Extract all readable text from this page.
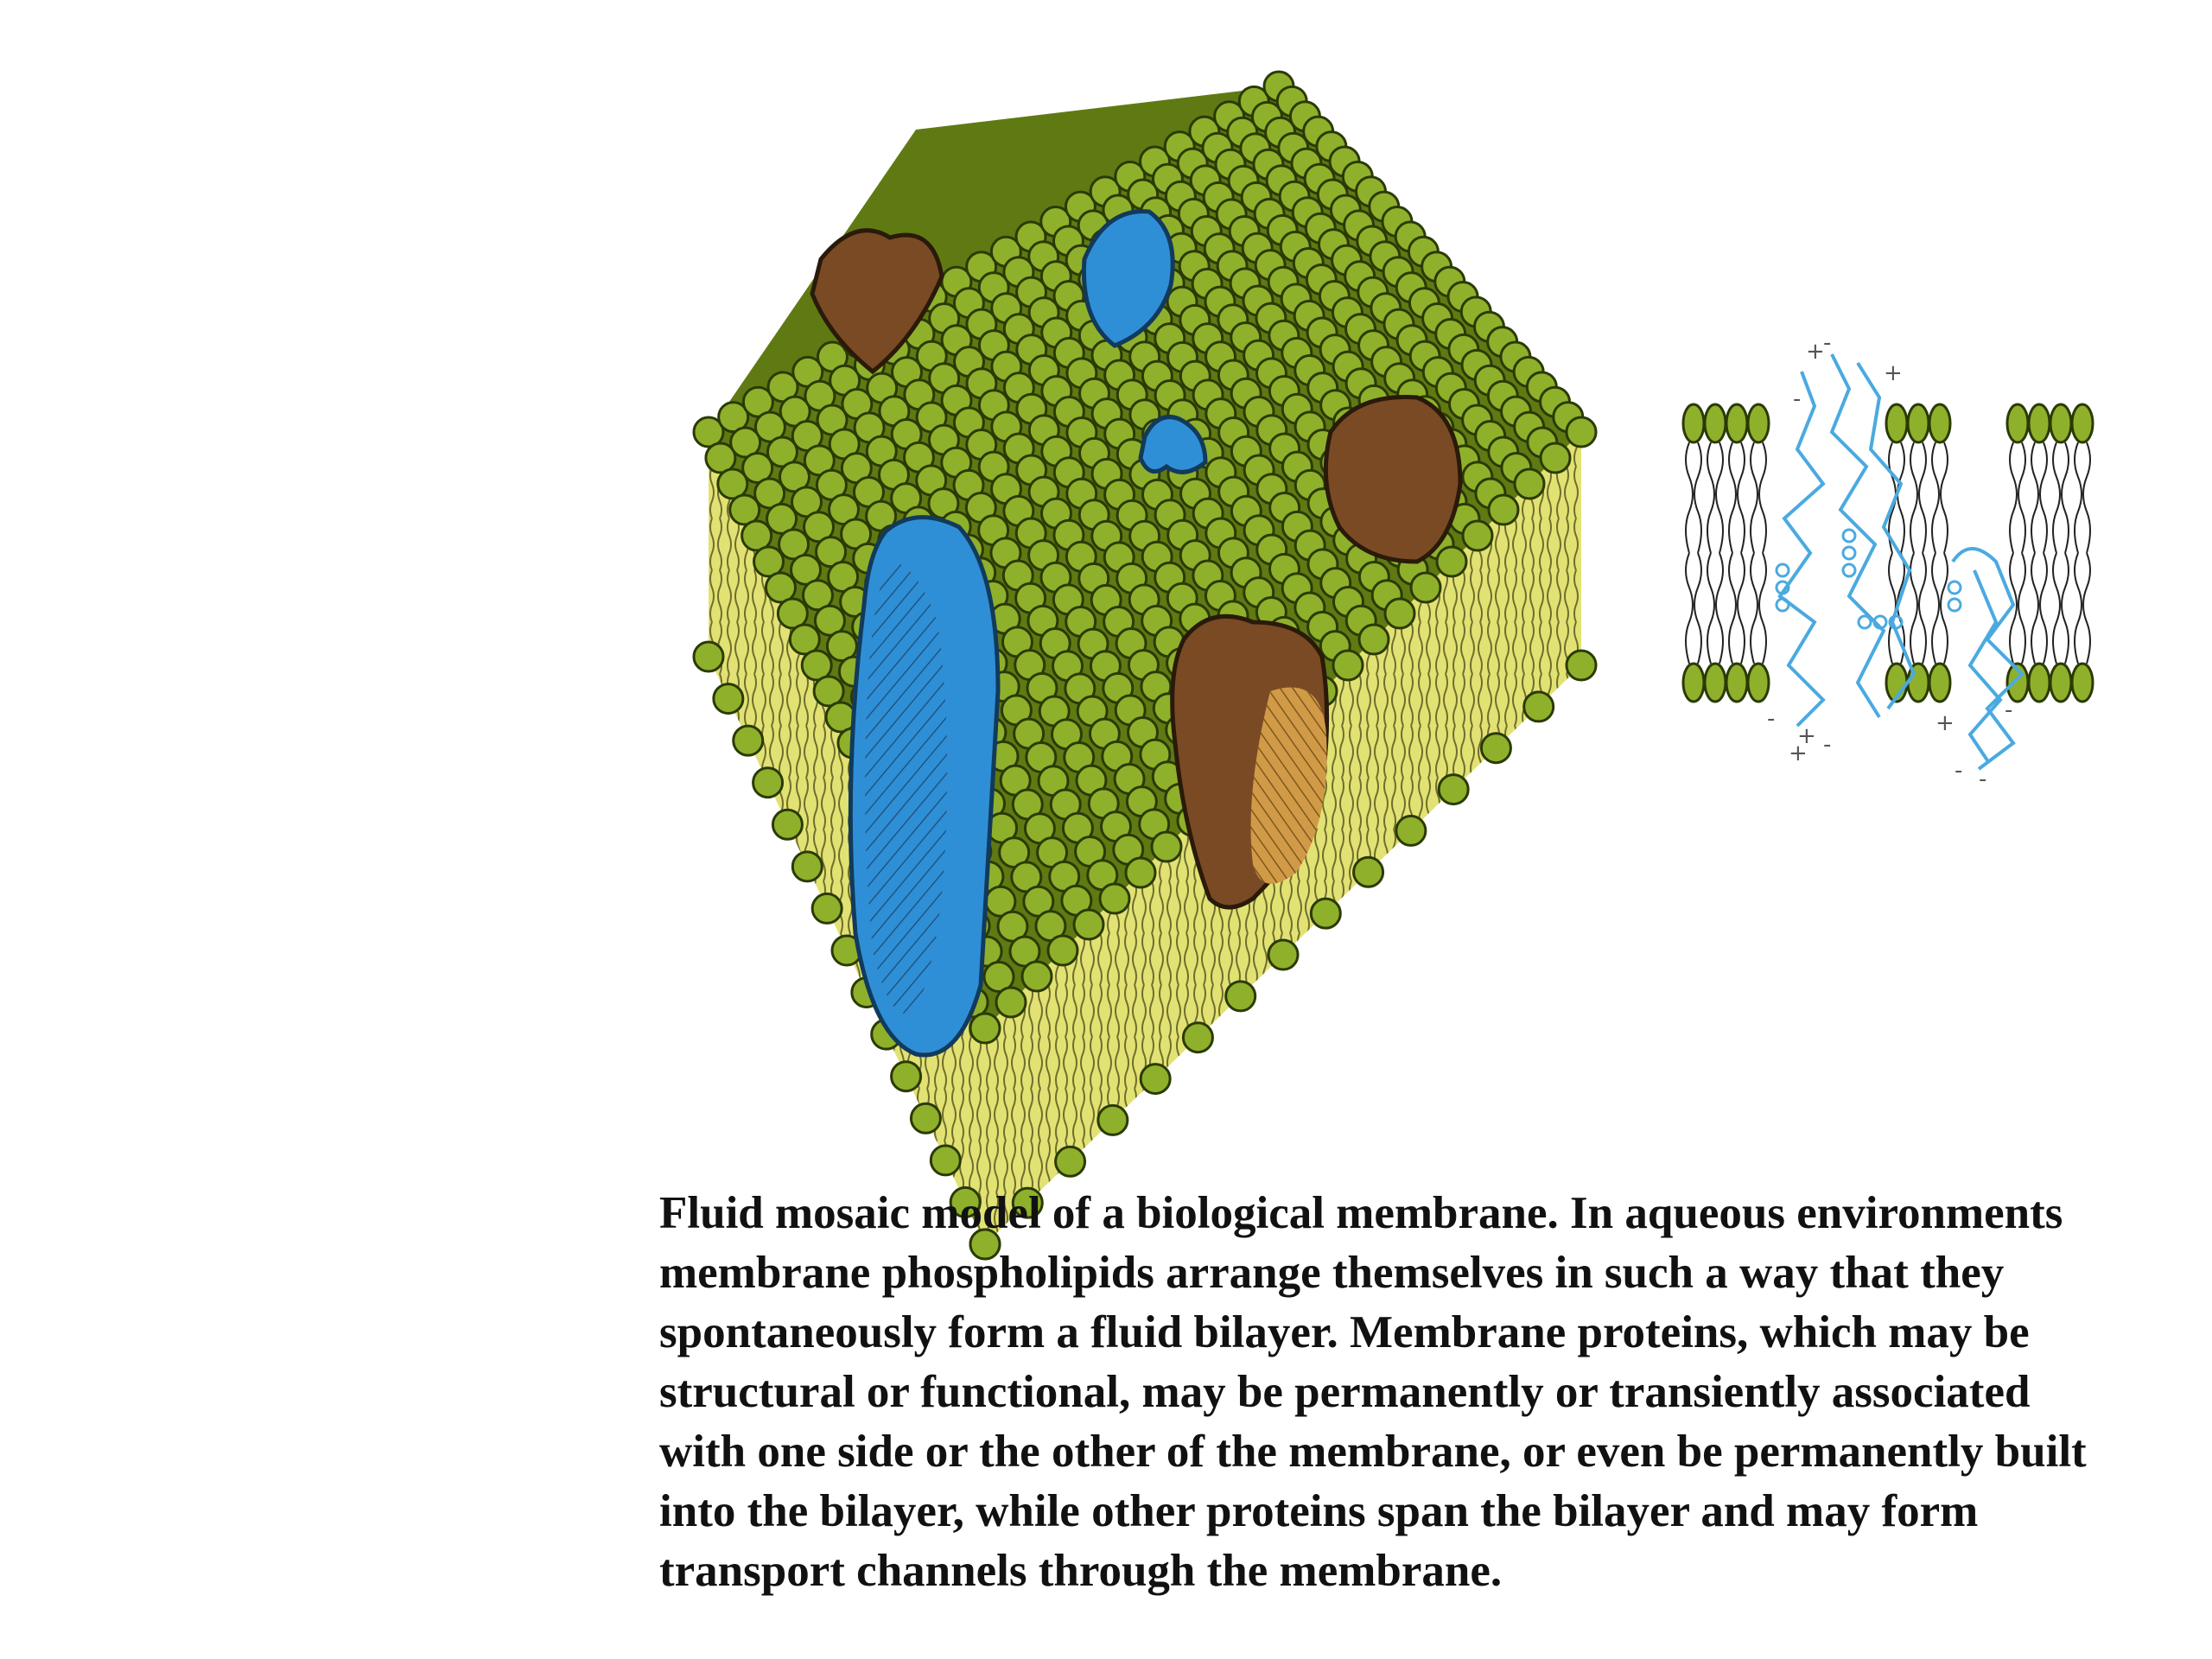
+
-
+
-
-
+ -
+
- -
-
+

Fluid mosaic model of a biological membrane. In aqueous environments membrane phospholipids arrange themselves in such a way that they spontaneously form a fluid bilayer. Membrane proteins, which may be structural or functional, may be permanently or transiently associated with one side or the other of the membrane, or even be permanently built into the bilayer, while other proteins span the bilayer and may form transport channels through the membrane.
